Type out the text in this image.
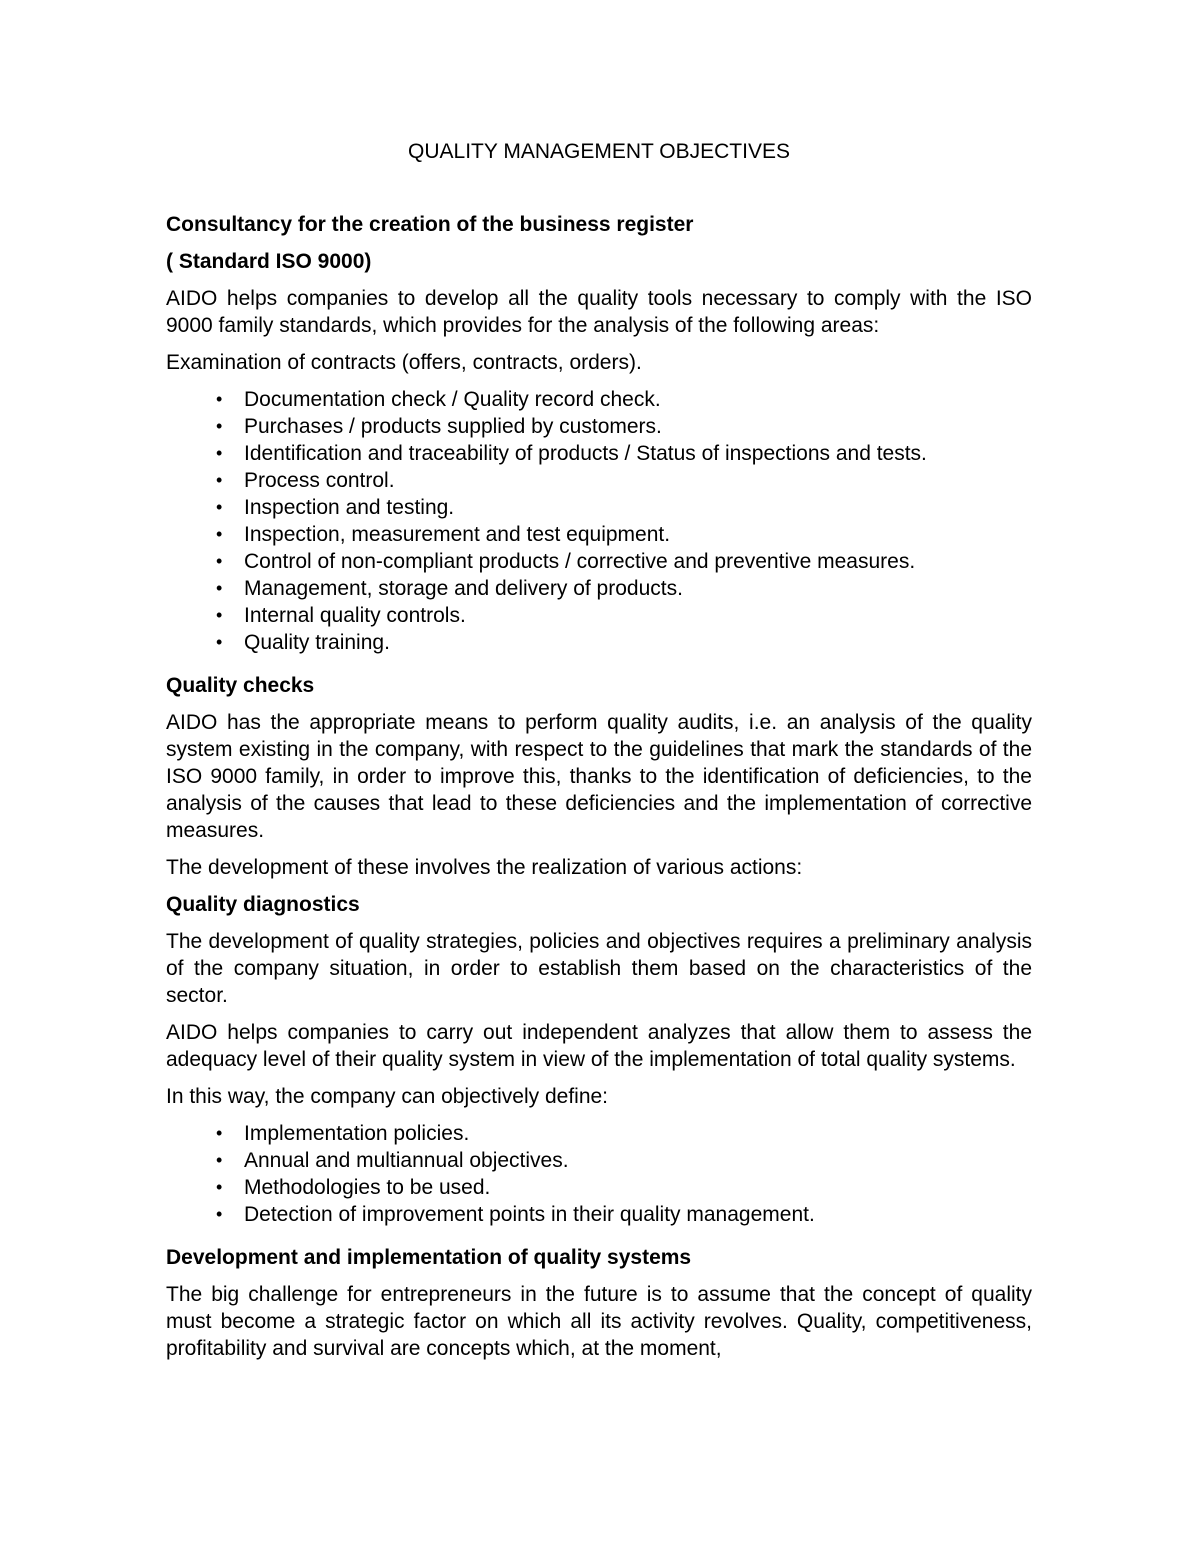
QUALITY MANAGEMENT OBJECTIVES
Consultancy for the creation of the business register
( Standard ISO 9000)

AIDO helps companies to develop all the quality tools necessary to comply with the ISO 9000 family standards, which provides for the analysis of the following areas:

Examination of contracts (offers, contracts, orders).

• Documentation check / Quality record check.
• Purchases / products supplied by customers.
• Identification and traceability of products / Status of inspections and tests.
• Process control.
• Inspection and testing.
• Inspection, measurement and test equipment.
• Control of non-compliant products / corrective and preventive measures.
• Management, storage and delivery of products.
• Internal quality controls.
• Quality training.
Quality checks

AIDO has the appropriate means to perform quality audits, i.e. an analysis of the quality system existing in the company, with respect to the guidelines that mark the standards of the ISO 9000 family, in order to improve this, thanks to the identification of deficiencies, to the analysis of the causes that lead to these deficiencies and the implementation of corrective measures.

The development of these involves the realization of various actions:

Quality diagnostics

The development of quality strategies, policies and objectives requires a preliminary analysis of the company situation, in order to establish them based on the characteristics of the sector.

AIDO helps companies to carry out independent analyzes that allow them to assess the adequacy level of their quality system in view of the implementation of total quality systems.

In this way, the company can objectively define:

• Implementation policies.
• Annual and multiannual objectives.
• Methodologies to be used.
• Detection of improvement points in their quality management.
Development and implementation of quality systems

The big challenge for entrepreneurs in the future is to assume that the concept of quality must become a strategic factor on which all its activity revolves. Quality, competitiveness, profitability and survival are concepts which, at the moment,
